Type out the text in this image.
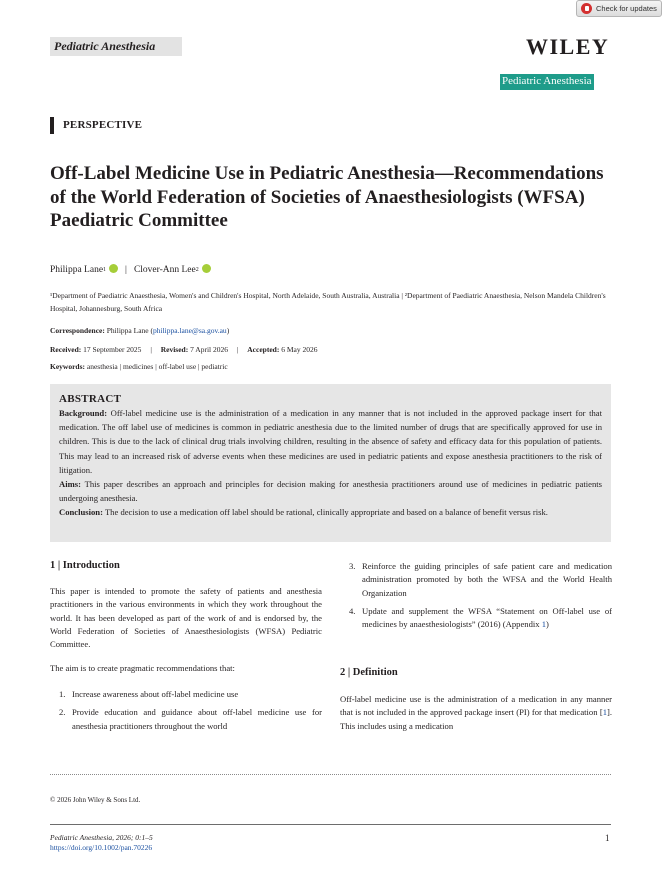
Check for updates
Pediatric Anesthesia	WILEY
Pediatric Anesthesia
PERSPECTIVE
Off-Label Medicine Use in Pediatric Anesthesia—Recommendations of the World Federation of Societies of Anaesthesiologists (WFSA) Paediatric Committee
Philippa Lane 1 | Clover-Ann Lee 2
¹Department of Paediatric Anaesthesia, Women's and Children's Hospital, North Adelaide, South Australia, Australia | ²Department of Paediatric Anaesthesia, Nelson Mandela Children's Hospital, Johannesburg, South Africa
Correspondence: Philippa Lane (philippa.lane@sa.gov.au)
Received: 17 September 2025 | Revised: 7 April 2026 | Accepted: 6 May 2026
Keywords: anesthesia | medicines | off-label use | pediatric
ABSTRACT
Background: Off-label medicine use is the administration of a medication in any manner that is not included in the approved package insert for that medication. The off label use of medicines is common in pediatric anesthesia due to the limited number of drugs that are specifically approved for use in children. This is due to the lack of clinical drug trials involving children, resulting in the absence of safety and efficacy data for this population of patients. This may lead to an increased risk of adverse events when these medicines are used in pediatric patients and expose anesthesia practitioners to the risk of litigation.
Aims: This paper describes an approach and principles for decision making for anesthesia practitioners around use of medicines in pediatric patients undergoing anesthesia.
Conclusion: The decision to use a medication off label should be rational, clinically appropriate and based on a balance of benefit versus risk.
1 | Introduction
This paper is intended to promote the safety of patients and anesthesia practitioners in the various environments in which they work throughout the world. It has been developed as part of the work of and is endorsed by, the World Federation of Societies of Anaesthesiologists (WFSA) Pediatric Committee.
The aim is to create pragmatic recommendations that:
1. Increase awareness about off-label medicine use
2. Provide education and guidance about off-label medicine use for anesthesia practitioners throughout the world
3. Reinforce the guiding principles of safe patient care and medication administration promoted by both the WFSA and the World Health Organization
4. Update and supplement the WFSA “Statement on Off-label use of medicines by anaesthesiologists” (2016) (Appendix 1)
2 | Definition
Off-label medicine use is the administration of a medication in any manner that is not included in the approved package insert (PI) for that medication [1]. This includes using a medication
© 2026 John Wiley & Sons Ltd.
Pediatric Anesthesia, 2026; 0:1–5
https://doi.org/10.1002/pan.70226
1
